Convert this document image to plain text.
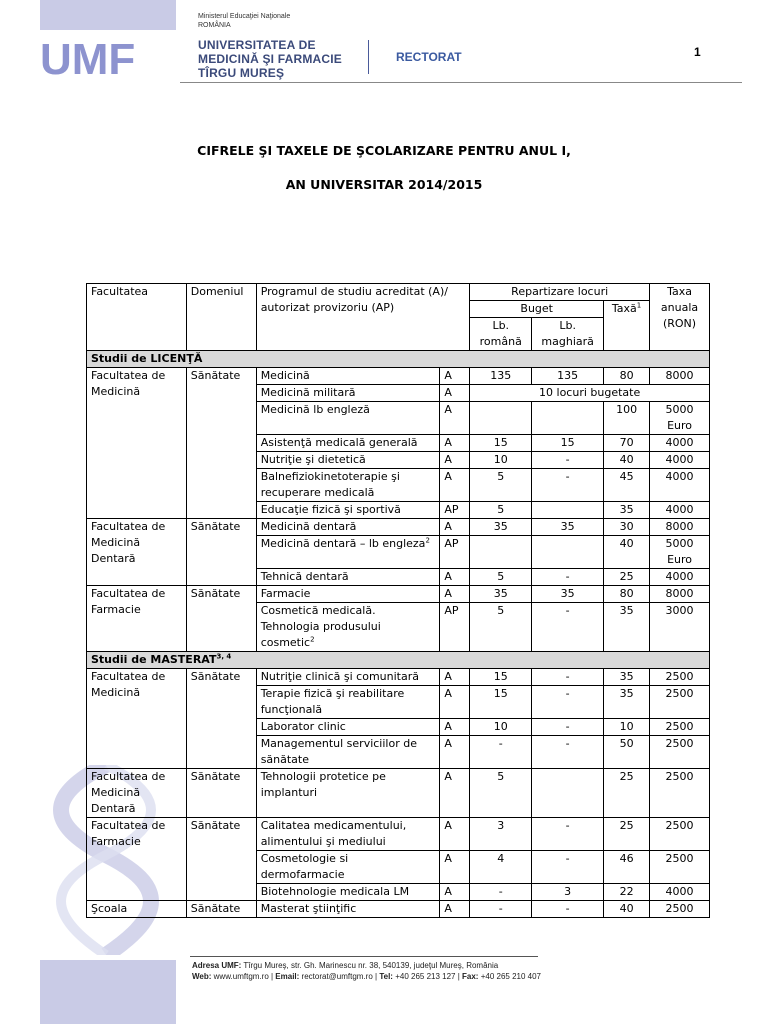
Ministerul Educaţiei Naţionale
ROMÂNIA
UMF	UNIVERSITATEA DE
MEDICINĂ ŞI FARMACIE
TÎRGU MUREŞ
RECTORAT	1
CIFRELE ŞI TAXELE DE ŞCOLARIZARE PENTRU ANUL I,
AN UNIVERSITAR 2014/2015
Facultatea	Domeniul	Programul de studiu acreditat (A)/ autorizat provizoriu (AP)		Repartizare locuri			Taxa anuala (RON)
				Buget		Taxă$^1$
				Lb. română	Lb. maghiară		
Studii de LICENŢĂ							
Facultatea de Medicină	Sănătate	Medicină	A	135	135	80	8000
		Medicină militară	A	10 locuri bugetate			
		Medicină lb engleză	A			100	5000 Euro
		Asistenţă medicală generală	A	15	15	70	4000
		Nutriţie şi dietetică	A	10	-	40	4000
		Balnefiziokinetoterapie şi recuperare medicală	A	5	-	45	4000
		Educaţie fizică şi sportivă	AP	5		35	4000
Facultatea de Medicină Dentară	Sănătate	Medicină dentară	A	35	35	30	8000
		Medicină dentară – lb engleza$^2$	AP			40	5000 Euro
		Tehnică dentară	A	5	-	25	4000
Facultatea de Farmacie	Sănătate	Farmacie	A	35	35	80	8000
		Cosmetică medicală. Tehnologia produsului cosmetic$^2$	AP	5	-	35	3000
Studii de MASTERAT$^{3, 4}$
Facultatea de Medicină	Sănătate	Nutriţie clinică şi comunitară	A	15	-	35	2500
		Terapie fizică şi reabilitare funcţională	A	15	-	35	2500
		Laborator clinic	A	10	-	10	2500
		Managementul serviciilor de sănătate	A	-	-	50	2500
Facultatea de Medicină Dentară	Sănătate	Tehnologii protetice pe implanturi	A	5		25	2500
Facultatea de Farmacie	Sănătate	Calitatea medicamentului, alimentului şi mediului	A	3	-	25	2500
		Cosmetologie si dermofarmacie	A	4	-	46	2500
		Biotehnologie medicala LM	A	-	3	22	4000
Şcoala	Sănătate	Masterat ştiinţific	A	-	-	40	2500
Adresa UMF: Tîrgu Mureş, str. Gh. Marinescu nr. 38, 540139, judeţul Mureş, România
Web: www.umftgm.ro | Email: rectorat@umftgm.ro | Tel: +40 265 213 127 | Fax: +40 265 210 407
